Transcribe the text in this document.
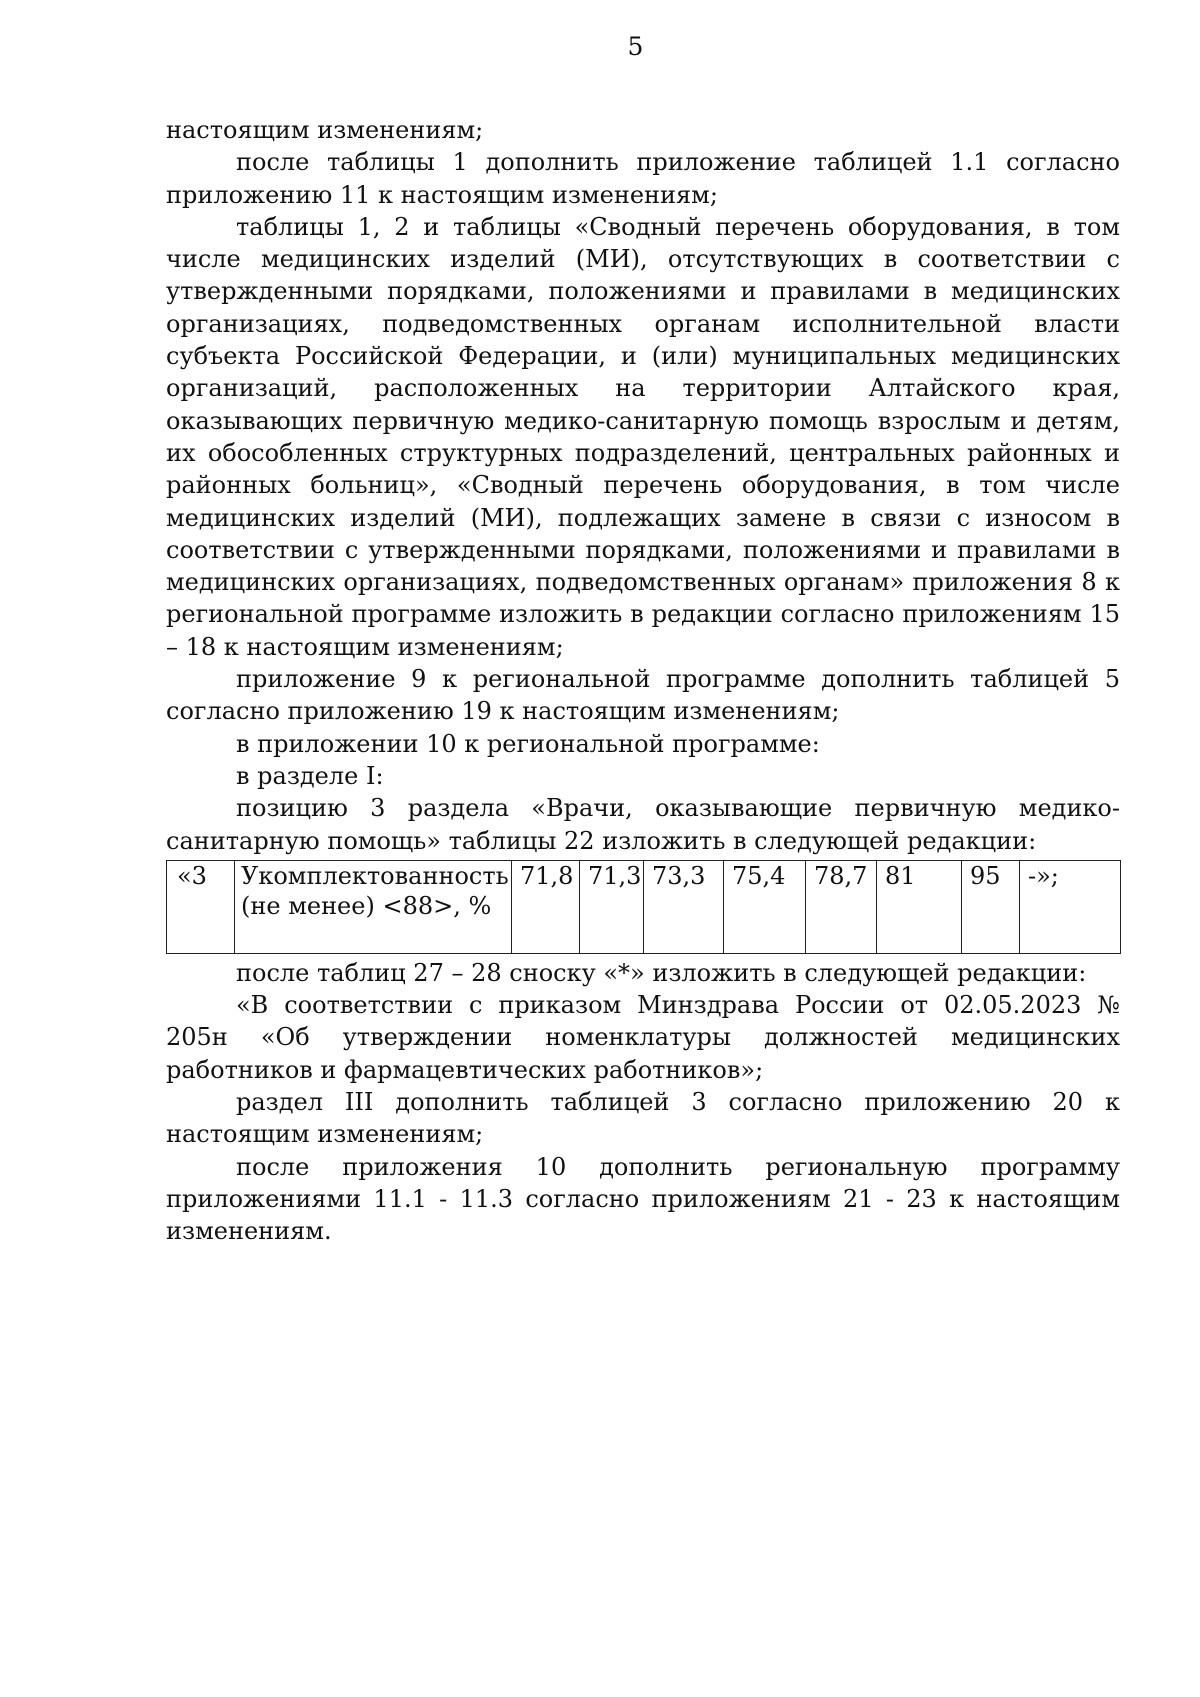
5

настоящим изменениям;

после таблицы 1 дополнить приложение таблицей 1.1 согласно приложению 11 к настоящим изменениям;

таблицы 1, 2 и таблицы «Сводный перечень оборудования, в том числе медицинских изделий (МИ), отсутствующих в соответствии с утвержденными порядками, положениями и правилами в медицинских организациях, подведомственных органам исполнительной власти субъекта Российской Федерации, и (или) муниципальных медицинских организаций, расположенных на территории Алтайского края, оказывающих первичную медико-санитарную помощь взрослым и детям, их обособленных структурных подразделений, центральных районных и районных больниц», «Сводный перечень оборудования, в том числе медицинских изделий (МИ), подлежащих замене в связи с износом в соответствии с утвержденными порядками, положениями и правилами в медицинских организациях, подведомственных органам» приложения 8 к региональной программе изложить в редакции согласно приложениям 15 – 18 к настоящим изменениям;

приложение 9 к региональной программе дополнить таблицей 5 согласно приложению 19 к настоящим изменениям;

в приложении 10 к региональной программе:

в разделе I:

позицию 3 раздела «Врачи, оказывающие первичную медико-санитарную помощь» таблицы 22 изложить в следующей редакции:

«3	Укомплектованность (не менее) <88>, %	71,8	71,3	73,3	75,4	78,7	81	95	-»;

после таблиц 27 – 28 сноску «*» изложить в следующей редакции:

«В соответствии с приказом Минздрава России от 02.05.2023 № 205н «Об утверждении номенклатуры должностей медицинских работников и фармацевтических работников»;

раздел III дополнить таблицей 3 согласно приложению 20 к настоящим изменениям;

после приложения 10 дополнить региональную программу приложениями 11.1 - 11.3 согласно приложениям 21 - 23 к настоящим изменениям.
